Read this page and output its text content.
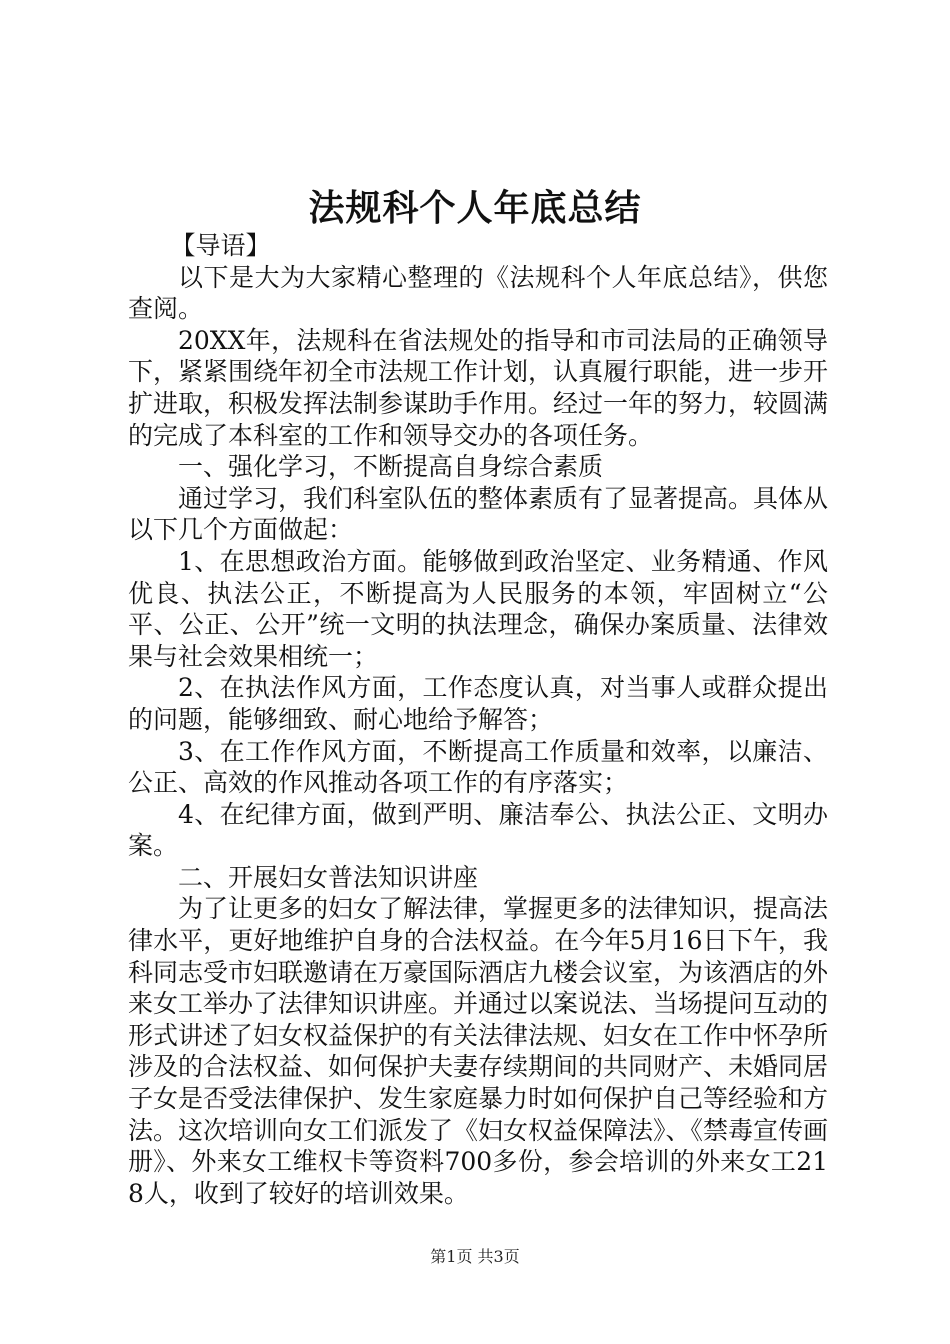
法规科个人年底总结

【导语】

以下是大为大家精心整理的《法规科个人年底总结》，供您查阅。

20XX年，法规科在省法规处的指导和市司法局的正确领导下，紧紧围绕年初全市法规工作计划，认真履行职能，进一步开扩进取，积极发挥法制参谋助手作用。经过一年的努力，较圆满的完成了本科室的工作和领导交办的各项任务。

一、强化学习，不断提高自身综合素质

通过学习，我们科室队伍的整体素质有了显著提高。具体从以下几个方面做起：

1、在思想政治方面。能够做到政治坚定、业务精通、作风优良、执法公正，不断提高为人民服务的本领，牢固树立“公平、公正、公开”统一文明的执法理念，确保办案质量、法律效果与社会效果相统一；

2、在执法作风方面，工作态度认真，对当事人或群众提出的问题，能够细致、耐心地给予解答；

3、在工作作风方面，不断提高工作质量和效率，以廉洁、公正、高效的作风推动各项工作的有序落实；

4、在纪律方面，做到严明、廉洁奉公、执法公正、文明办案。

二、开展妇女普法知识讲座

为了让更多的妇女了解法律，掌握更多的法律知识，提高法律水平，更好地维护自身的合法权益。在今年5月16日下午，我科同志受市妇联邀请在万豪国际酒店九楼会议室，为该酒店的外来女工举办了法律知识讲座。并通过以案说法、当场提问互动的形式讲述了妇女权益保护的有关法律法规、妇女在工作中怀孕所涉及的合法权益、如何保护夫妻存续期间的共同财产、未婚同居子女是否受法律保护、发生家庭暴力时如何保护自己等经验和方法。这次培训向女工们派发了《妇女权益保障法》、《禁毒宣传画册》、外来女工维权卡等资料700多份，参会培训的外来女工218人，收到了较好的培训效果。

第1页 共3页
